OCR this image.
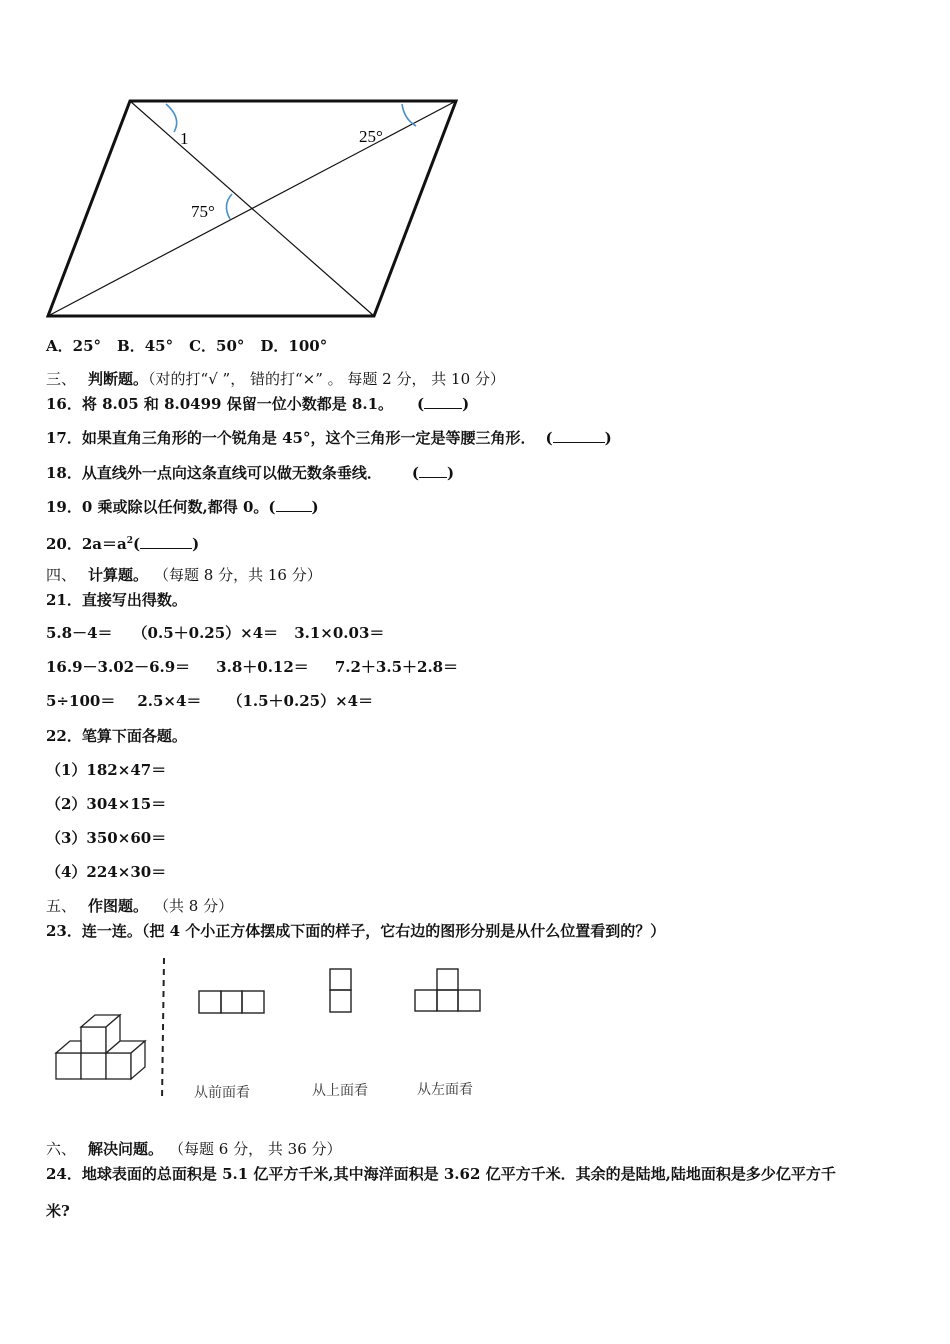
1	25°
75°
A．25° B．45° C．50° D．100°
三、 判断题。（对的打“√ ”， 错的打“×” 。 每题 2 分， 共 10 分）
16．将 8.05 和 8.0499 保留一位小数都是 8.1。 (	)
17．如果直角三角形的一个锐角是 45°，这个三角形一定是等腰三角形． (	)
18．从直线外一点向这条直线可以做无数条垂线． ( )
19．0 乘或除以任何数,都得 0。( )
20．$2a=a^2$(	)
四、 计算题。 （每题 8 分，共 16 分）
21．直接写出得数。
5.8－4＝ （0.5＋0.25）×4＝ 3.1×0.03＝
16.9－3.02－6.9＝ 3.8＋0.12＝ 7.2＋3.5＋2.8＝
5÷100＝ 2.5×4＝ （1.5＋0.25）×4＝
22．笔算下面各题。
（1）182×47＝
（2）304×15＝
（3）350×60＝
（4）224×30＝
五、 作图题。 （共 8 分）
23．连一连。（把 4 个小正方体摆成下面的样子，它右边的图形分别是从什么位置看到的？）
从前面看	从上面看	从左面看
六、 解决问题。 （每题 6 分， 共 36 分）
24．地球表面的总面积是 5.1 亿平方千米,其中海洋面积是 3.62 亿平方千米．其余的是陆地,陆地面积是多少亿平方千
米?
